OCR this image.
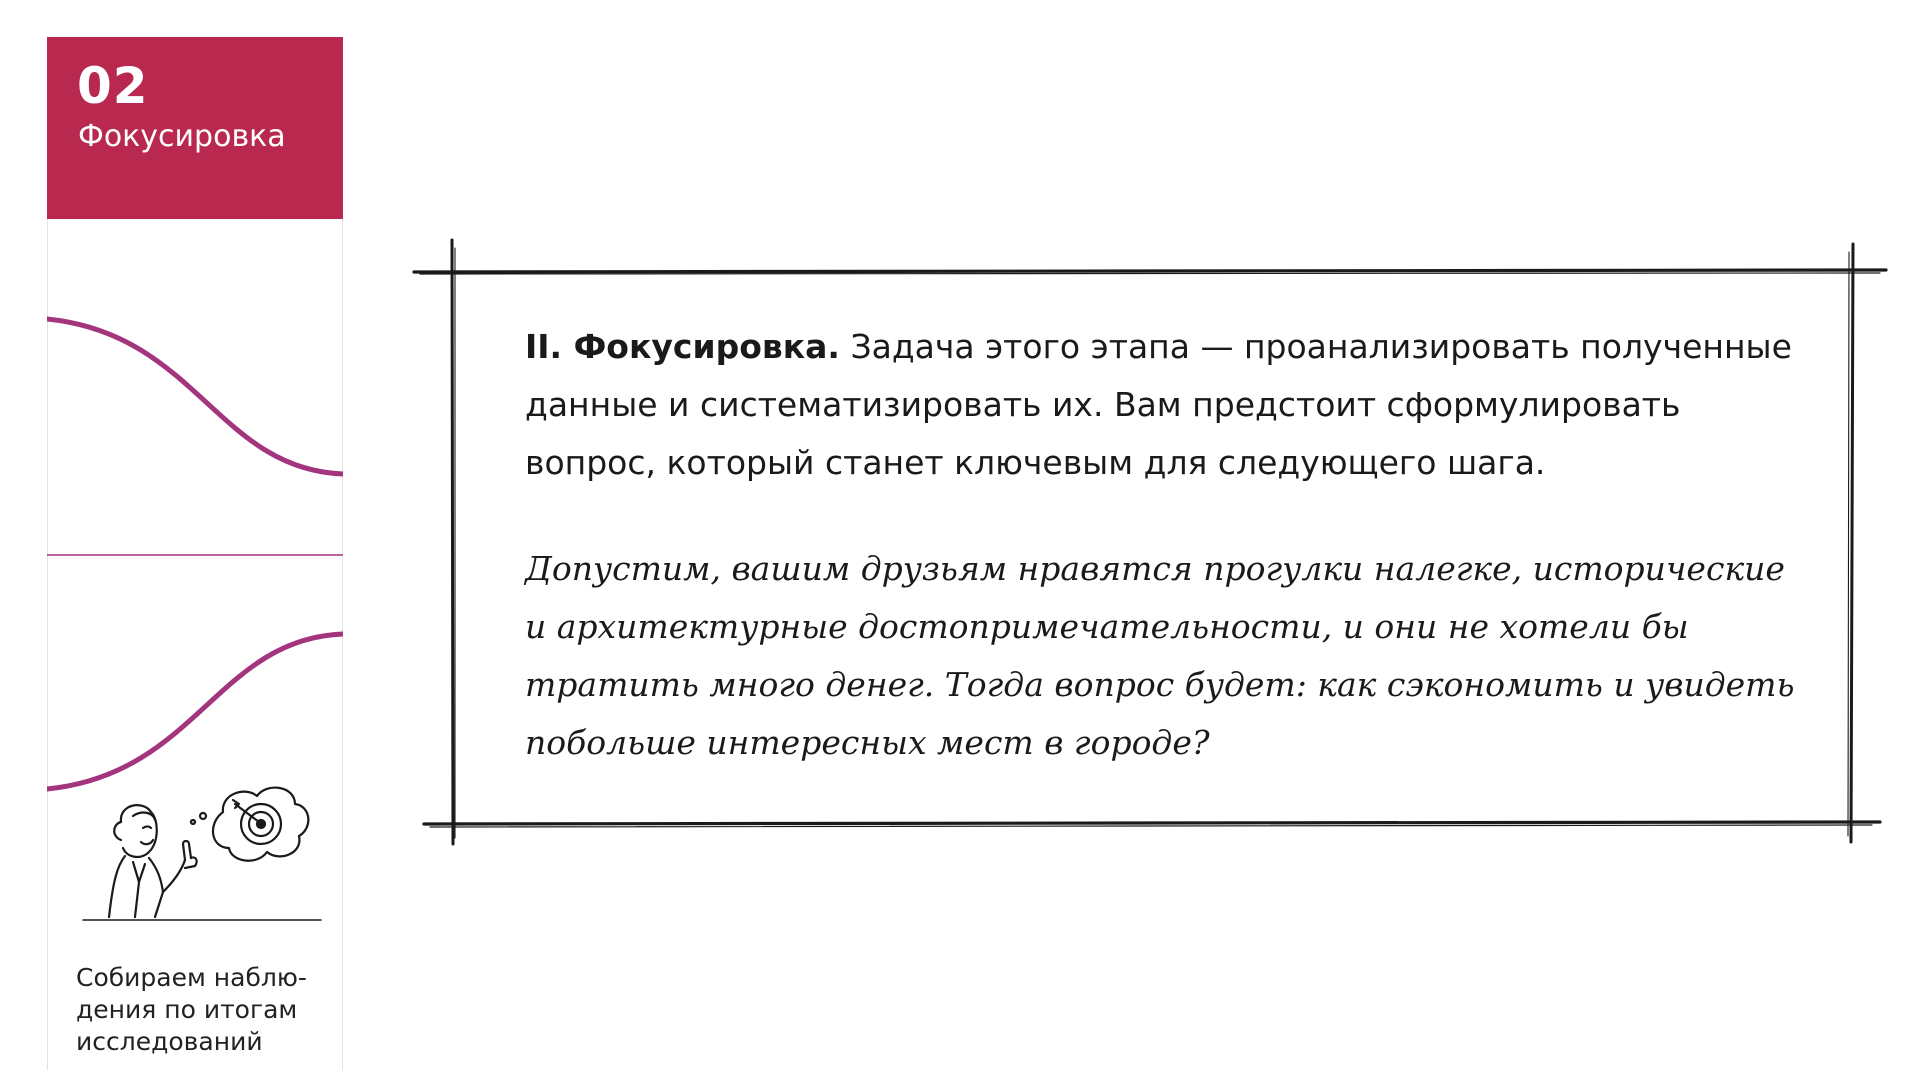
02
Фокусировка
Собираем наблю-
дения по итогам
исследований

II. Фокусировка. Задача этого этапа — проанализировать полученные данные и систематизировать их. Вам предстоит сформулировать вопрос, который станет ключевым для следующего шага.

Допустим, вашим друзьям нравятся прогулки налегке, исторические и архитектурные достопримечательности, и они не хотели бы тратить много денег. Тогда вопрос будет: как сэкономить и увидеть побольше интересных мест в городе?
